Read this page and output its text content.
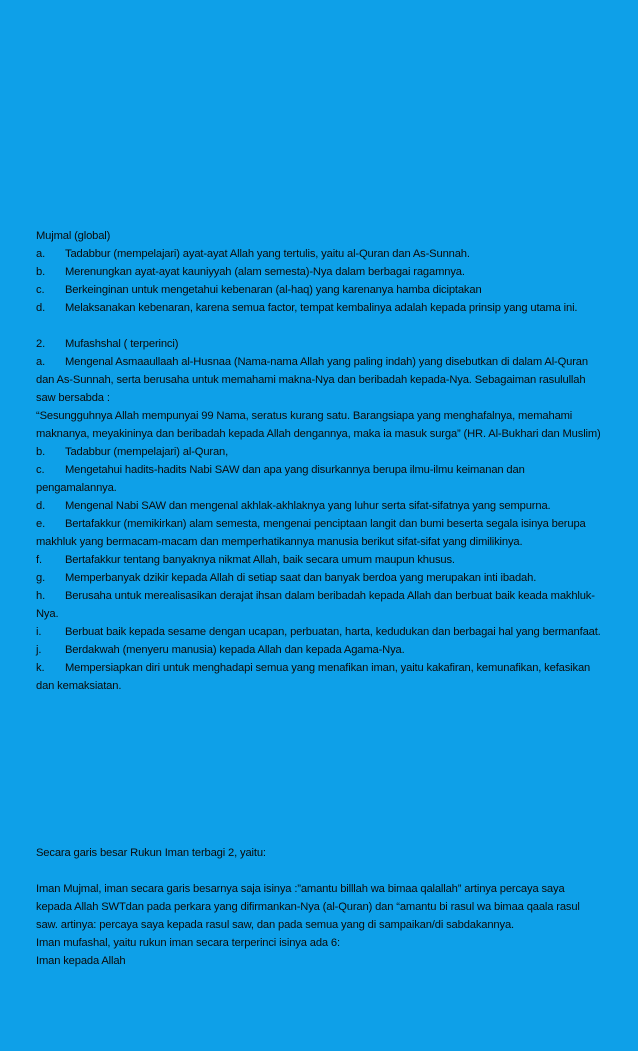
Mujmal (global)

a. Tadabbur (mempelajari) ayat-ayat Allah yang tertulis, yaitu al-Quran dan As-Sunnah.

b. Merenungkan ayat-ayat kauniyyah (alam semesta)-Nya dalam berbagai ragamnya.

c. Berkeinginan untuk mengetahui kebenaran (al-haq) yang karenanya hamba diciptakan

d. Melaksanakan kebenaran, karena semua factor, tempat kembalinya adalah kepada prinsip yang utama ini.

2. Mufashshal ( terperinci)

a. Mengenal Asmaaullaah al-Husnaa (Nama-nama Allah yang paling indah) yang disebutkan di dalam Al-Quran dan As-Sunnah, serta berusaha untuk memahami makna-Nya dan beribadah kepada-Nya. Sebagaiman rasulullah saw bersabda :

“Sesungguhnya Allah mempunyai 99 Nama, seratus kurang satu. Barangsiapa yang menghafalnya, memahami maknanya, meyakininya dan beribadah kepada Allah dengannya, maka ia masuk surga” (HR. Al-Bukhari dan Muslim)

b. Tadabbur (mempelajari) al-Quran,

c. Mengetahui hadits-hadits Nabi SAW dan apa yang disurkannya berupa ilmu-ilmu keimanan dan pengamalannya.

d. Mengenal Nabi SAW dan mengenal akhlak-akhlaknya yang luhur serta sifat-sifatnya yang sempurna.

e. Bertafakkur (memikirkan) alam semesta, mengenai penciptaan langit dan bumi beserta segala isinya berupa makhluk yang bermacam-macam dan memperhatikannya manusia berikut sifat-sifat yang dimilikinya.

f. Bertafakkur tentang banyaknya nikmat Allah, baik secara umum maupun khusus.

g. Memperbanyak dzikir kepada Allah di setiap saat dan banyak berdoa yang merupakan inti ibadah.

h. Berusaha untuk merealisasikan derajat ihsan dalam beribadah kepada Allah dan berbuat baik keada makhluk-Nya.

i. Berbuat baik kepada sesame dengan ucapan, perbuatan, harta, kedudukan dan berbagai hal yang bermanfaat.

j. Berdakwah (menyeru manusia) kepada Allah dan kepada Agama-Nya.

k. Mempersiapkan diri untuk menghadapi semua yang menafikan iman, yaitu kakafiran, kemunafikan, kefasikan dan kemaksiatan.

Secara garis besar Rukun Iman terbagi 2, yaitu:

Iman Mujmal, iman secara garis besarnya saja isinya :”amantu billlah wa bimaa qalallah” artinya percaya saya kepada Allah SWTdan pada perkara yang difirmankan-Nya (al-Quran) dan “amantu bi rasul wa bimaa qaala rasul saw. artinya: percaya saya kepada rasul saw, dan pada semua yang di sampaikan/di sabdakannya.

Iman mufashal, yaitu rukun iman secara terperinci isinya ada 6:

Iman kepada Allah
